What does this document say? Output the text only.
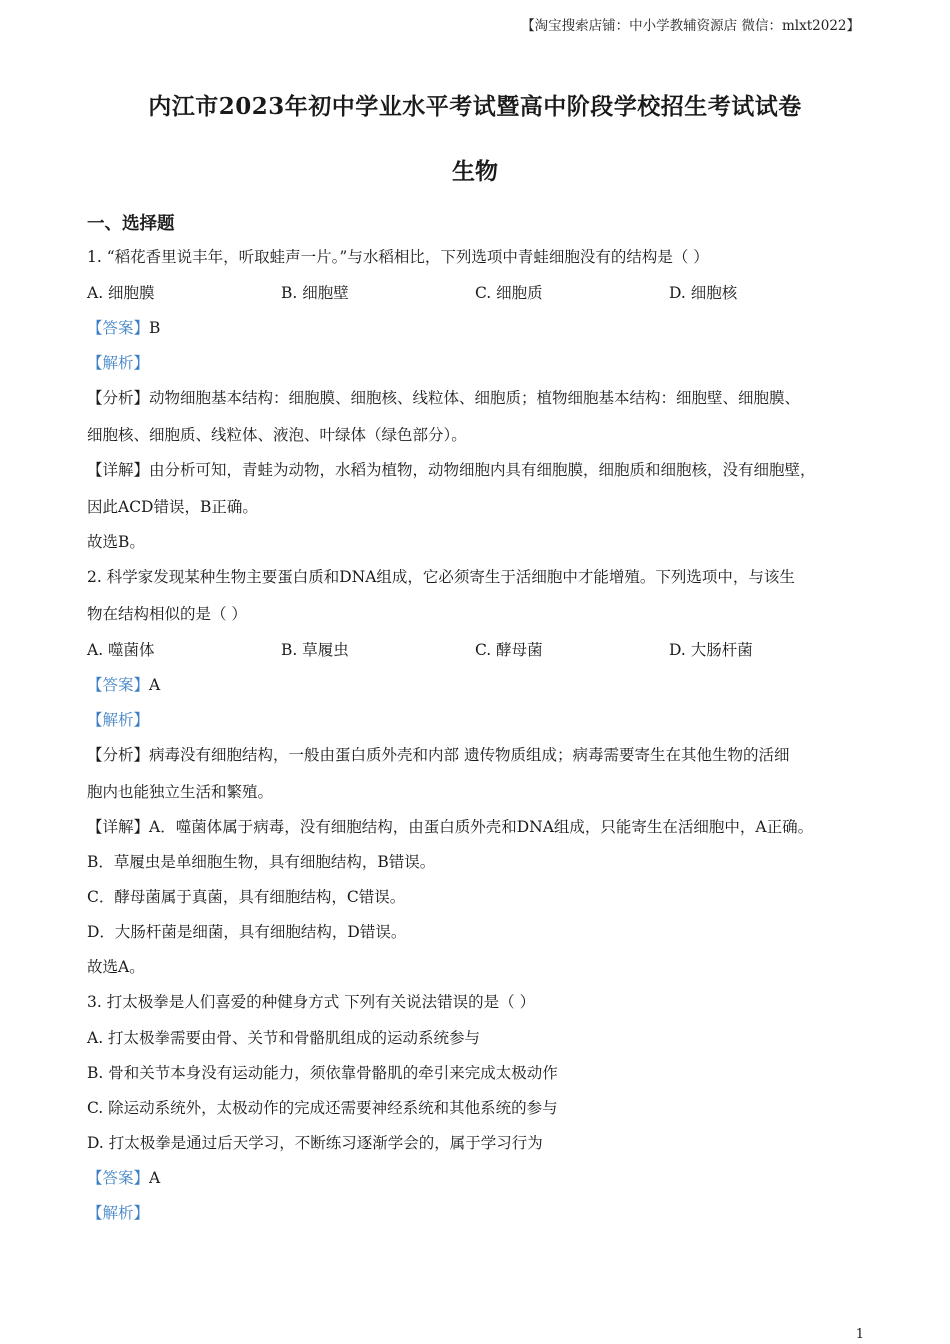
【淘宝搜索店铺：中小学教辅资源店 微信：mlxt2022】
内江市2023年初中学业水平考试暨高中阶段学校招生考试试卷
生物
一、选择题
1. “稻花香里说丰年，听取蛙声一片。”与水稻相比，下列选项中青蛙细胞没有的结构是（ ）
A. 细胞膜	B. 细胞壁	C. 细胞质	D. 细胞核
【答案】B
【解析】
【分析】动物细胞基本结构：细胞膜、细胞核、线粒体、细胞质；植物细胞基本结构：细胞壁、细胞膜、
细胞核、细胞质、线粒体、液泡、叶绿体（绿色部分）。
【详解】由分析可知，青蛙为动物，水稻为植物，动物细胞内具有细胞膜，细胞质和细胞核，没有细胞壁，
因此ACD错误，B正确。
故选B。
2. 科学家发现某种生物主要蛋白质和DNA组成，它必须寄生于活细胞中才能增殖。下列选项中，与该生
物在结构相似的是（ ）
A. 噬菌体	B. 草履虫	C. 酵母菌	D. 大肠杆菌
【答案】A
【解析】
【分析】病毒没有细胞结构，一般由蛋白质外壳和内部 遗传物质组成；病毒需要寄生在其他生物的活细
胞内也能独立生活和繁殖。
【详解】A．噬菌体属于病毒，没有细胞结构，由蛋白质外壳和DNA组成，只能寄生在活细胞中，A正确。
B．草履虫是单细胞生物，具有细胞结构，B错误。
C．酵母菌属于真菌，具有细胞结构，C错误。
D．大肠杆菌是细菌，具有细胞结构，D错误。
故选A。
3. 打太极拳是人们喜爱的种健身方式 下列有关说法错误的是（ ）
A. 打太极拳需要由骨、关节和骨骼肌组成的运动系统参与
B. 骨和关节本身没有运动能力，须依靠骨骼肌的牵引来完成太极动作
C. 除运动系统外，太极动作的完成还需要神经系统和其他系统的参与
D. 打太极拳是通过后天学习，不断练习逐渐学会的，属于学习行为
【答案】A
【解析】
1
